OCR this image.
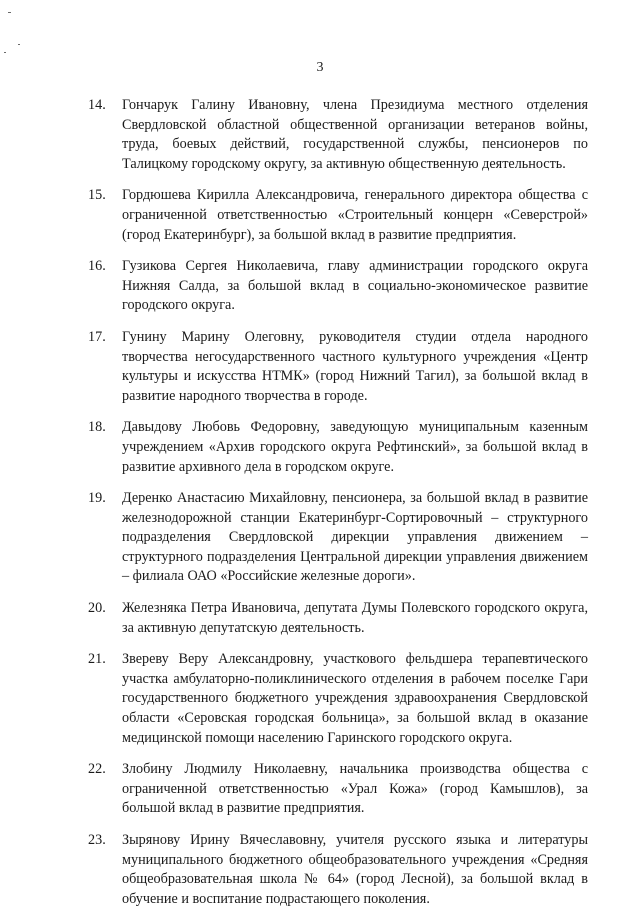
3
14.	Гончарук Галину Ивановну, члена Президиума местного отделения Свердловской областной общественной организации ветеранов войны, труда, боевых действий, государственной службы, пенсионеров по Талицкому городскому округу, за активную общественную деятельность.
15.	Гордюшева Кирилла Александровича, генерального директора общества с ограниченной ответственностью «Строительный концерн «Северстрой» (город Екатеринбург), за большой вклад в развитие предприятия.
16.	Гузикова Сергея Николаевича, главу администрации городского округа Нижняя Салда, за большой вклад в социально-экономическое развитие городского округа.
17.	Гунину Марину Олеговну, руководителя студии отдела народного творчества негосударственного частного культурного учреждения «Центр культуры и искусства НТМК» (город Нижний Тагил), за большой вклад в развитие народного творчества в городе.
18.	Давыдову Любовь Федоровну, заведующую муниципальным казенным учреждением «Архив городского округа Рефтинский», за большой вклад в развитие архивного дела в городском округе.
19.	Деренко Анастасию Михайловну, пенсионера, за большой вклад в развитие железнодорожной станции Екатеринбург-Сортировочный – структурного подразделения Свердловской дирекции управления движением – структурного подразделения Центральной дирекции управления движением – филиала ОАО «Российские железные дороги».
20.	Железняка Петра Ивановича, депутата Думы Полевского городского округа, за активную депутатскую деятельность.
21.	Звереву Веру Александровну, участкового фельдшера терапевтического участка амбулаторно-поликлинического отделения в рабочем поселке Гари государственного бюджетного учреждения здравоохранения Свердловской области «Серовская городская больница», за большой вклад в оказание медицинской помощи населению Гаринского городского округа.
22.	Злобину Людмилу Николаевну, начальника производства общества с ограниченной ответственностью «Урал Кожа» (город Камышлов), за большой вклад в развитие предприятия.
23.	Зырянову Ирину Вячеславовну, учителя русского языка и литературы муниципального бюджетного общеобразовательного учреждения «Средняя общеобразовательная школа № 64» (город Лесной), за большой вклад в обучение и воспитание подрастающего поколения.
